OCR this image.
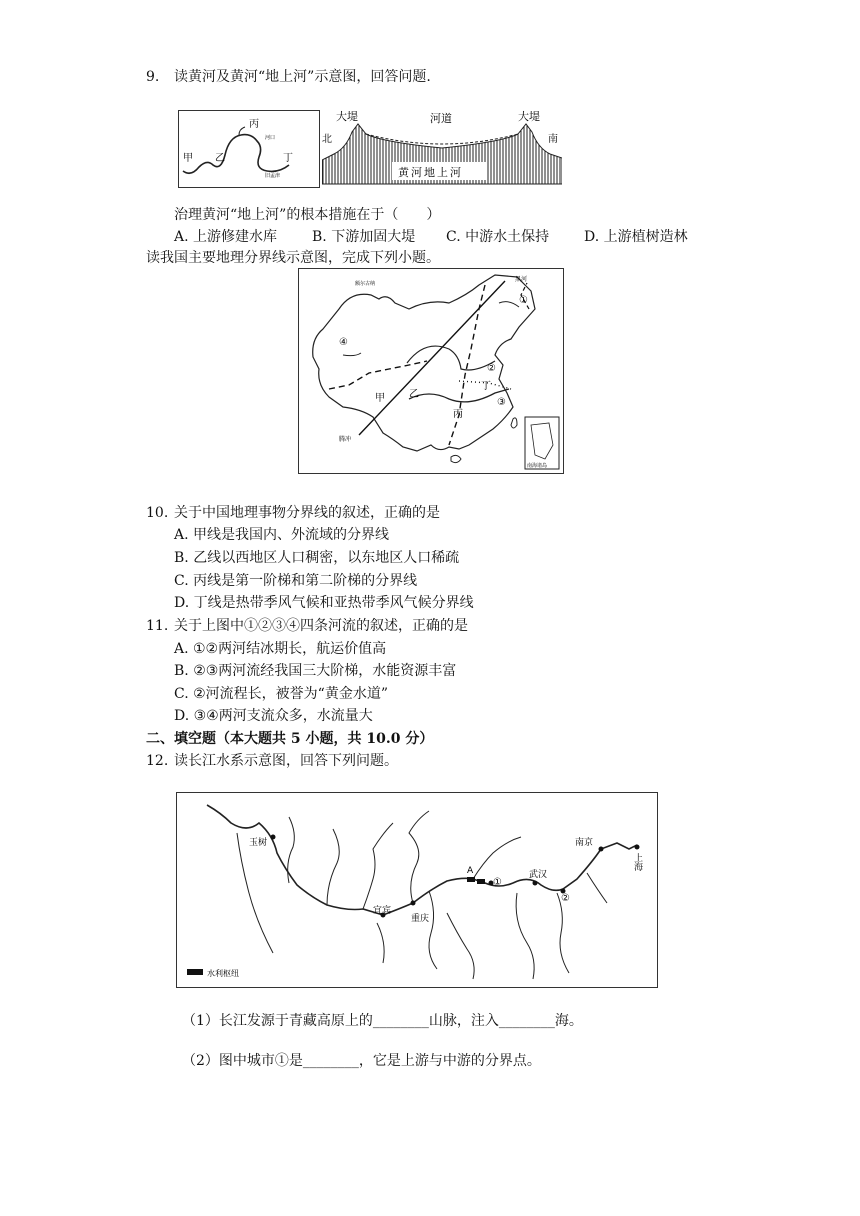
9. 读黄河及黄河“地上河”示意图，回答问题.
丙
甲 乙	丁
河口
旧孟津
大堤	河道	大堤
北	南
黄河地上河
治理黄河“地上河”的根本措施在于（　　）
A. 上游修建水库 B. 下游加固大堤 C. 中游水土保持 D. 上游植树造林
读我国主要地理分界线示意图，完成下列小题。
南海诸岛
黑河
腾冲
额尔古纳
①
②
③
④
甲 乙
丙
丁
10. 关于中国地理事物分界线的叙述，正确的是
A. 甲线是我国内、外流域的分界线
B. 乙线以西地区人口稠密，以东地区人口稀疏
C. 丙线是第一阶梯和第二阶梯的分界线
D. 丁线是热带季风气候和亚热带季风气候分界线
11. 关于上图中①②③④四条河流的叙述，正确的是
A. ①②两河结冰期长，航运价值高
B. ②③两河流经我国三大阶梯，水能资源丰富
C. ②河流程长，被誉为“黄金水道”
D. ③④两河支流众多，水流量大
二、填空题（本大题共 5 小题，共 10.0 分）
12. 读长江水系示意图，回答下列问题。
玉树
宜宾
重庆
A
①
武汉
②
南京
上海
水利枢纽
（1）长江发源于青藏高原上的________山脉，注入________海。
（2）图中城市①是________，它是上游与中游的分界点。
